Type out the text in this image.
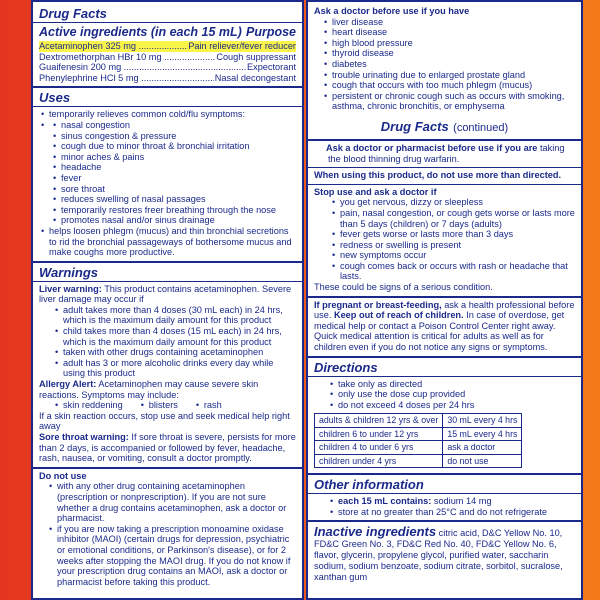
Drug Facts
Active ingredients (in each 15 mL) Purpose
Acetaminophen 325 mg .....	Pain reliever/fever reducer
Dextromethorphan HBr 10 mg .....	Cough suppressant
Guaifenesin 200 mg .....	Expectorant
Phenylephrine HCl 5 mg .....	Nasal decongestant
Uses
• temporarily relieves common cold/flu symptoms:
• • nasal congestion
• sinus congestion & pressure
• cough due to minor throat & bronchial irritation
• minor aches & pains
• headache
• fever
• sore throat
• reduces swelling of nasal passages
• temporarily restores freer breathing through the nose
• promotes nasal and/or sinus drainage
• helps loosen phlegm (mucus) and thin bronchial secretions to rid the bronchial passageways of bothersome mucus and make coughs more productive.
Warnings
Liver warning: This product contains acetaminophen. Severe liver damage may occur if
• adult takes more than 4 doses (30 mL each) in 24 hrs, which is the maximum daily amount for this product
• child takes more than 4 doses (15 mL each) in 24 hrs, which is the maximum daily amount for this product
• taken with other drugs containing acetaminophen
• adult has 3 or more alcoholic drinks every day while using this product
Allergy Alert: Acetaminophen may cause severe skin reactions. Symptoms may include:
• skin reddening	• blisters	• rash
If a skin reaction occurs, stop use and seek medical help right away
Sore throat warning: If sore throat is severe, persists for more than 2 days, is accompanied or followed by fever, headache, rash, nausea, or vomiting, consult a doctor promptly.
Do not use
• with any other drug containing acetaminophen (prescription or nonprescription). If you are not sure whether a drug contains acetaminophen, ask a doctor or pharmacist.
• if you are now taking a prescription monoamine oxidase inhibitor (MAOI) (certain drugs for depression, psychiatric or emotional conditions, or Parkinson's disease), or for 2 weeks after stopping the MAOI drug. If you do not know if your prescription drug contains an MAOI, ask a doctor or pharmacist before taking this product.
Ask a doctor before use if you have
• liver disease
• heart disease
• high blood pressure
• thyroid disease
• diabetes
• trouble urinating due to enlarged prostate gland
• cough that occurs with too much phlegm (mucus)
• persistent or chronic cough such as occurs with smoking, asthma, chronic bronchitis, or emphysema
Drug Facts (continued)
Ask a doctor or pharmacist before use if you are taking the blood thinning drug warfarin.
When using this product, do not use more than directed.
Stop use and ask a doctor if
• you get nervous, dizzy or sleepless
• pain, nasal congestion, or cough gets worse or lasts more than 5 days (children) or 7 days (adults)
• fever gets worse or lasts more than 3 days
• redness or swelling is present
• new symptoms occur
• cough comes back or occurs with rash or headache that lasts.
These could be signs of a serious condition.
If pregnant or breast-feeding, ask a health professional before use. Keep out of reach of children. In case of overdose, get medical help or contact a Poison Control Center right away. Quick medical attention is critical for adults as well as for children even if you do not notice any signs or symptoms.
Directions
• take only as directed
• only use the dose cup provided
• do not exceed 4 doses per 24 hrs
adults & children 12 yrs & over	30 mL every 4 hrs
children 6 to under 12 yrs	15 mL every 4 hrs
children 4 to under 6 yrs	ask a doctor
children under 4 yrs	do not use
Other information
• each 15 mL contains: sodium 14 mg
• store at no greater than 25°C and do not refrigerate
Inactive ingredients citric acid, D&C Yellow No. 10, FD&C Green No. 3, FD&C Red No. 40, FD&C Yellow No. 6, flavor, glycerin, propylene glycol, purified water, saccharin sodium, sodium benzoate, sodium citrate, sorbitol, sucralose, xanthan gum
